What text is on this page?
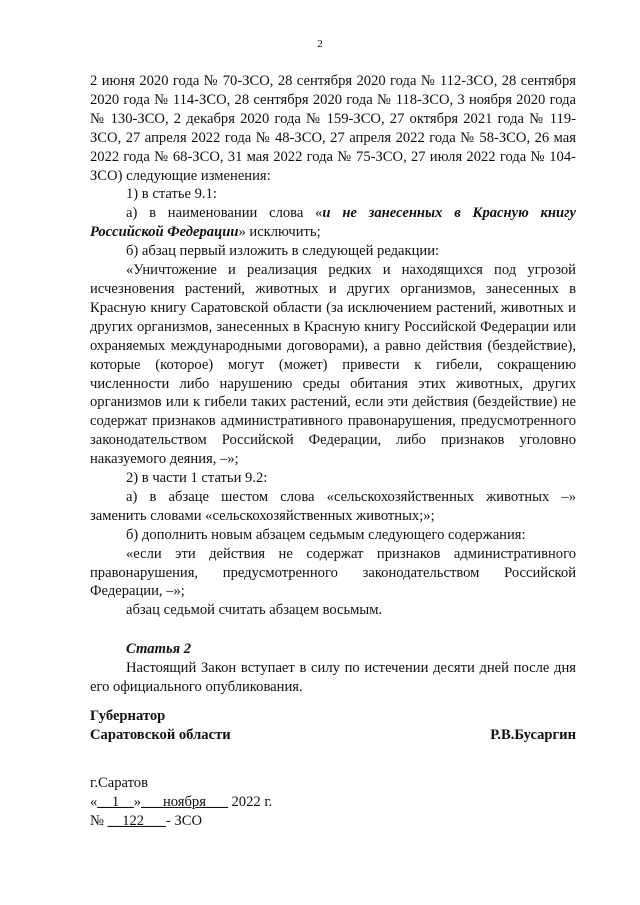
2

2 июня 2020 года № 70-ЗСО, 28 сентября 2020 года № 112-ЗСО, 28 сентября 2020 года № 114-ЗСО, 28 сентября 2020 года № 118-ЗСО, 3 ноября 2020 года № 130-ЗСО, 2 декабря 2020 года № 159-ЗСО, 27 октября 2021 года № 119-ЗСО, 27 апреля 2022 года № 48-ЗСО, 27 апреля 2022 года № 58-ЗСО, 26 мая 2022 года № 68-ЗСО, 31 мая 2022 года № 75-ЗСО, 27 июля 2022 года № 104-ЗСО) следующие изменения:

1) в статье 9.1:

а) в наименовании слова «и не занесенных в Красную книгу Российской Федерации» исключить;

б) абзац первый изложить в следующей редакции:

«Уничтожение и реализация редких и находящихся под угрозой исчезновения растений, животных и других организмов, занесенных в Красную книгу Саратовской области (за исключением растений, животных и других организмов, занесенных в Красную книгу Российской Федерации или охраняемых международными договорами), а равно действия (бездействие), которые (которое) могут (может) привести к гибели, сокращению численности либо нарушению среды обитания этих животных, других организмов или к гибели таких растений, если эти действия (бездействие) не содержат признаков административного правонарушения, предусмотренного законодательством Российской Федерации, либо признаков уголовно наказуемого деяния, –»;

2) в части 1 статьи 9.2:

а) в абзаце шестом слова «сельскохозяйственных животных –» заменить словами «сельскохозяйственных животных;»;

б) дополнить новым абзацем седьмым следующего содержания:

«если эти действия не содержат признаков административного правонарушения, предусмотренного законодательством Российской Федерации, –»;

абзац седьмой считать абзацем восьмым.

Статья 2

Настоящий Закон вступает в силу по истечении десяти дней после дня его официального опубликования.

Губернатор
Саратовской области	Р.В.Бусаргин
г.Саратов
«__1__»___ноября___ 2022 г.
№ __122___- ЗСО
